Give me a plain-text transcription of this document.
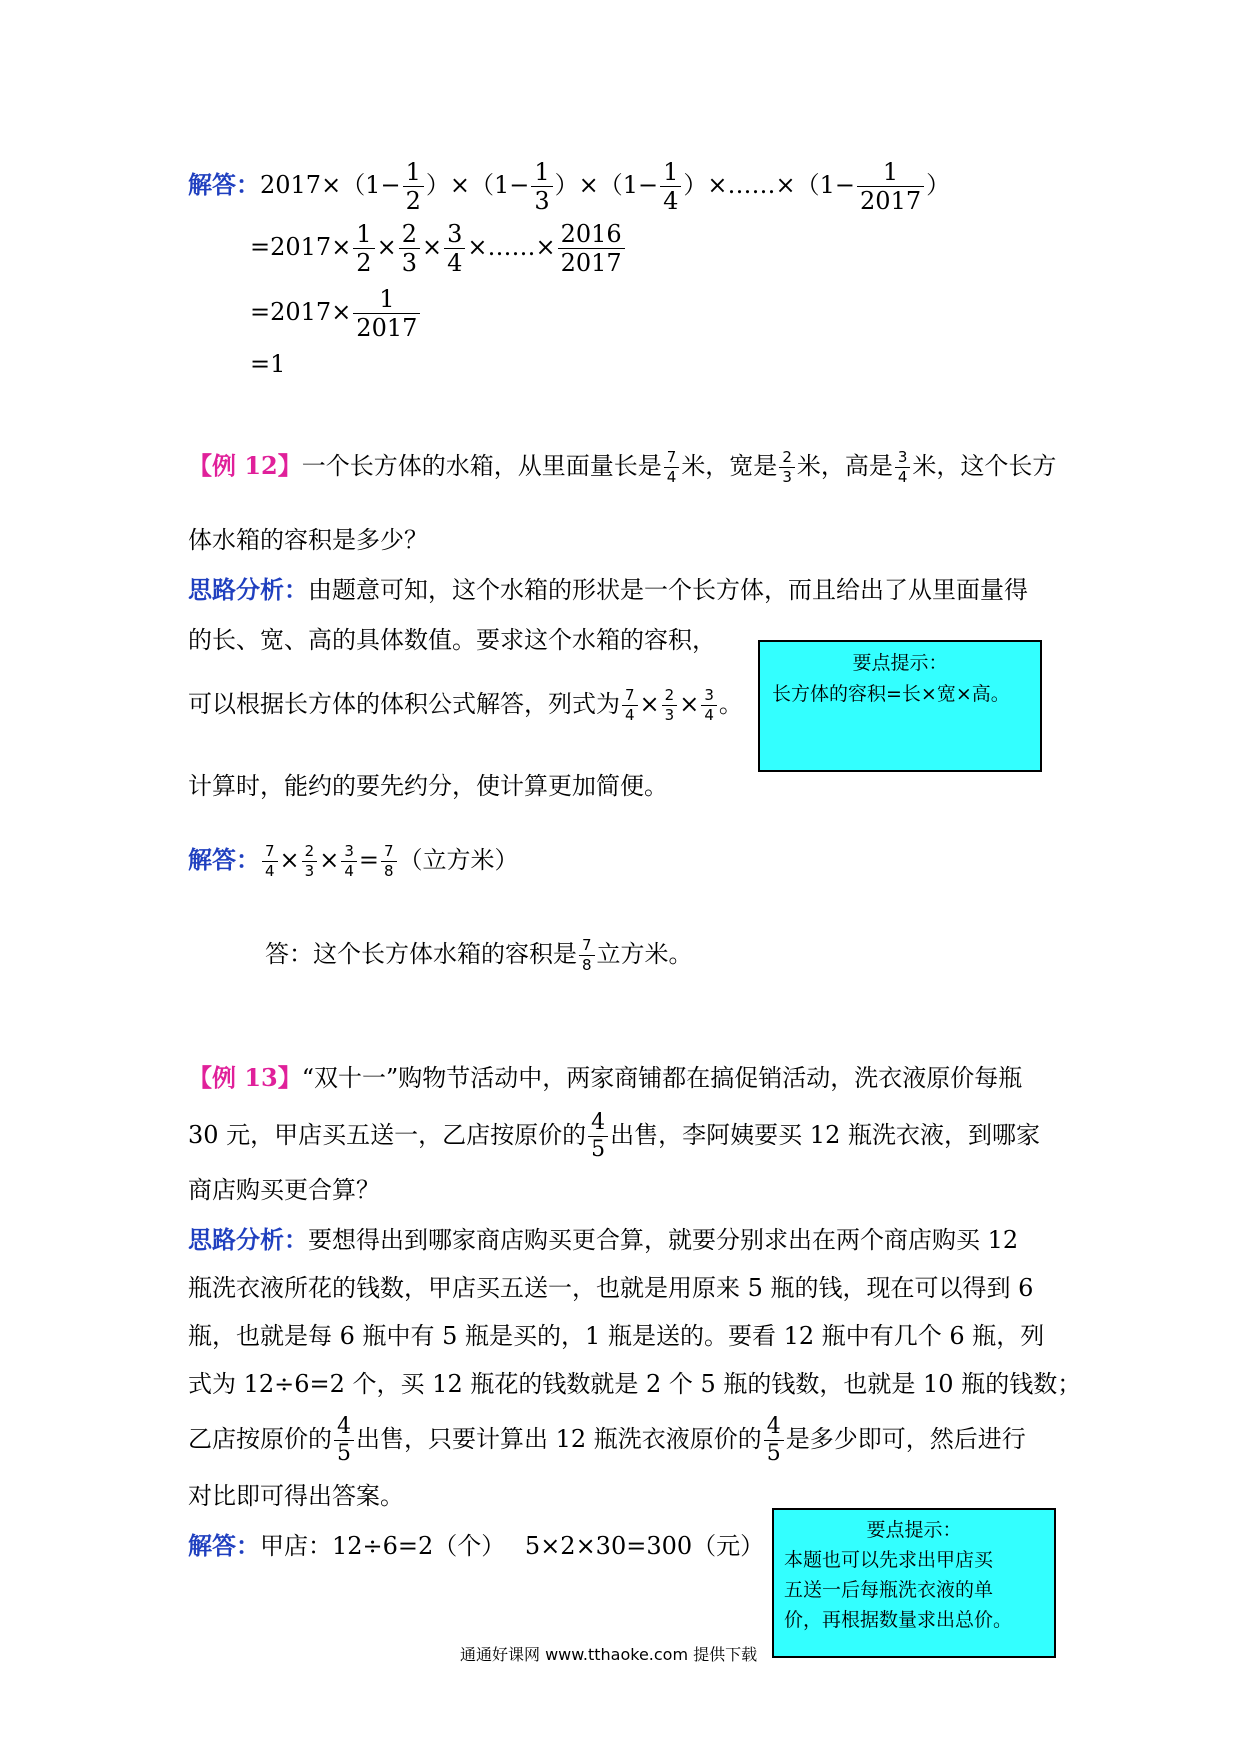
解答：$2017\times(1- \frac{1}{2} )\times(1- \frac{1}{3} )\times(1- \frac{1}{4}$ ）×……×（1− $\frac{1}{2017}$ ）
$=2017\times \frac{1}{2} \times \frac{2}{3} \times \frac{3}{4}$ ×……× $\frac{2016}{2017}$
$=2017\times \frac{1}{2017}$
=1
【例 12】一个长方体的水箱，从里面量长是 $\frac{7}{4}$ 米，宽是 $\frac{2}{3}$ 米，高是 $\frac{3}{4}$ 米，这个长方
体水箱的容积是多少？
思路分析：由题意可知，这个水箱的形状是一个长方体，而且给出了从里面量得
的长、宽、高的具体数值。要求这个水箱的容积，
可以根据长方体的体积公式解答，列式为 $\frac{7}{4} \times \frac{2}{3} \times \frac{3}{4}$ 。
计算时，能约的要先约分，使计算更加简便。
要点提示：
长方体的容积=长×宽×高。
解答： $\frac{7}{4} \times \frac{2}{3} \times \frac{3}{4} = \frac{7}{8}$ （立方米）
答：这个长方体水箱的容积是 $\frac{7}{8}$ 立方米。
【例 13】“双十一”购物节活动中，两家商铺都在搞促销活动，洗衣液原价每瓶
30 元，甲店买五送一，乙店按原价的 $\frac{4}{5}$ 出售，李阿姨要买 12 瓶洗衣液，到哪家
商店购买更合算？
思路分析：要想得出到哪家商店购买更合算，就要分别求出在两个商店购买 12
瓶洗衣液所花的钱数，甲店买五送一，也就是用原来 5 瓶的钱，现在可以得到 6
瓶，也就是每 6 瓶中有 5 瓶是买的，1 瓶是送的。要看 12 瓶中有几个 6 瓶，列
式为 12÷6=2 个，买 12 瓶花的钱数就是 2 个 5 瓶的钱数，也就是 10 瓶的钱数；
乙店按原价的 $\frac{4}{5}$ 出售，只要计算出 12 瓶洗衣液原价的 $\frac{4}{5}$ 是多少即可，然后进行
对比即可得出答案。
解答：甲店：12÷6=2（个）　 5×2×30=300（元）
要点提示：
本题也可以先求出甲店买
五送一后每瓶洗衣液的单
价，再根据数量求出总价。
通通好课网 www.tthaoke.com 提供下载
